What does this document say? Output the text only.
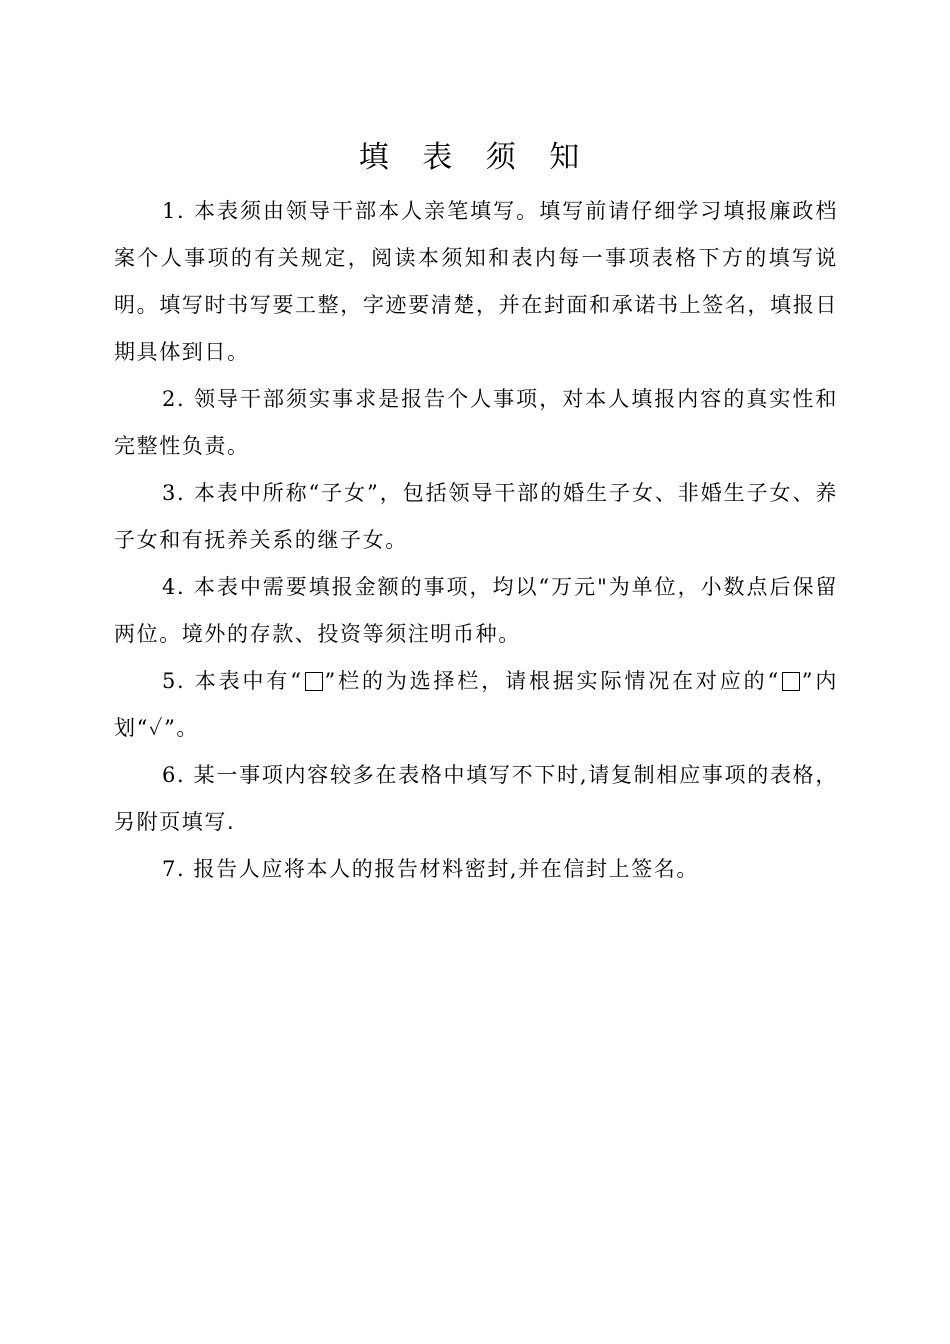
填 表 须 知

1. 本表须由领导干部本人亲笔填写。填写前请仔细学习填报廉政档案个人事项的有关规定，阅读本须知和表内每一事项表格下方的填写说明。填写时书写要工整，字迹要清楚，并在封面和承诺书上签名，填报日期具体到日。

2. 领导干部须实事求是报告个人事项，对本人填报内容的真实性和完整性负责。

3. 本表中所称“子女”，包括领导干部的婚生子女、非婚生子女、养子女和有抚养关系的继子女。

4. 本表中需要填报金额的事项，均以“万元"为单位，小数点后保留两位。境外的存款、投资等须注明币种。

5. 本表中有“ ”栏的为选择栏，请根据实际情况在对应的“ ”内划“✓”。

6. 某一事项内容较多在表格中填写不下时,请复制相应事项的表格，另附页填写.

7. 报告人应将本人的报告材料密封,并在信封上签名。
